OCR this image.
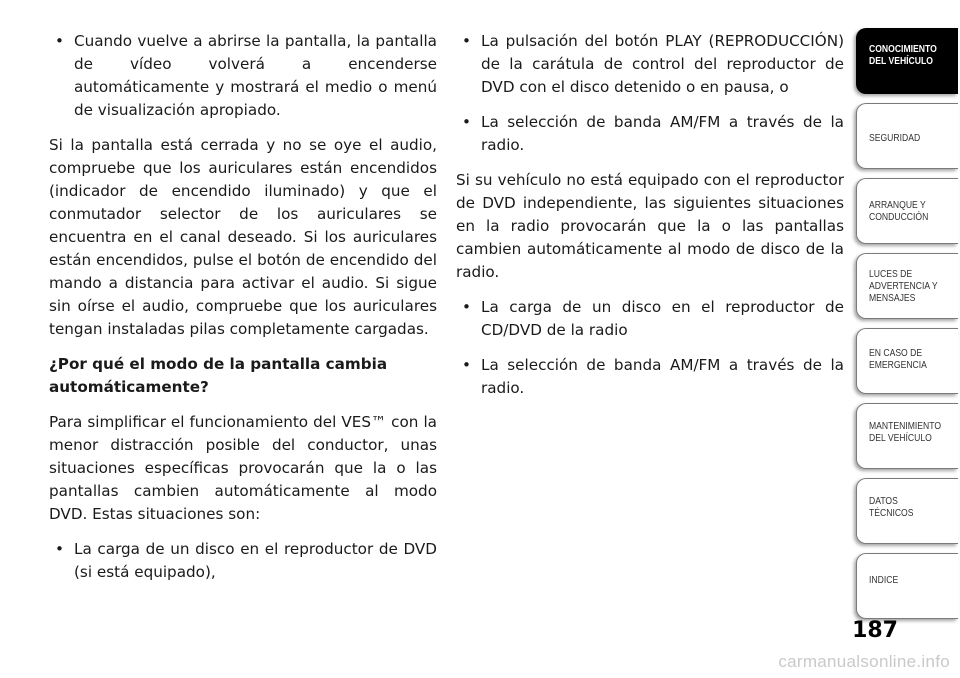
• Cuando vuelve a abrirse la pantalla, la pantalla de vídeo volverá a encenderse automáticamente y mostrará el medio o menú de visualización apropiado.

Si la pantalla está cerrada y no se oye el audio, compruebe que los auriculares están encendidos (indicador de encendido iluminado) y que el conmutador selector de los auriculares se encuentra en el canal deseado. Si los auriculares están encendidos, pulse el botón de encendido del mando a distancia para activar el audio. Si sigue sin oírse el audio, compruebe que los auriculares tengan instaladas pilas completamente cargadas.

¿Por qué el modo de la pantalla cambia automáticamente?

Para simplificar el funcionamiento del VES™ con la menor distracción posible del conductor, unas situaciones específicas provocarán que la o las pantallas cambien automáticamente al modo DVD. Estas situaciones son:

• La carga de un disco en el reproductor de DVD (si está equipado),
• La pulsación del botón PLAY (REPRODUCCIÓN) de la carátula de control del reproductor de DVD con el disco detenido o en pausa, o
• La selección de banda AM/FM a través de la radio.

Si su vehículo no está equipado con el reproductor de DVD independiente, las siguientes situaciones en la radio provocarán que la o las pantallas cambien automáticamente al modo de disco de la radio.

• La carga de un disco en el reproductor de CD/DVD de la radio
• La selección de banda AM/FM a través de la radio.
CONOCIMIENTO
DEL VEHÍCULO
SEGURIDAD
ARRANQUE Y
CONDUCCIÓN
LUCES DE
ADVERTENCIA Y
MENSAJES
EN CASO DE
EMERGENCIA
MANTENIMIENTO
DEL VEHÍCULO
DATOS
TÉCNICOS
INDICE
187
carmanualsonline.info
